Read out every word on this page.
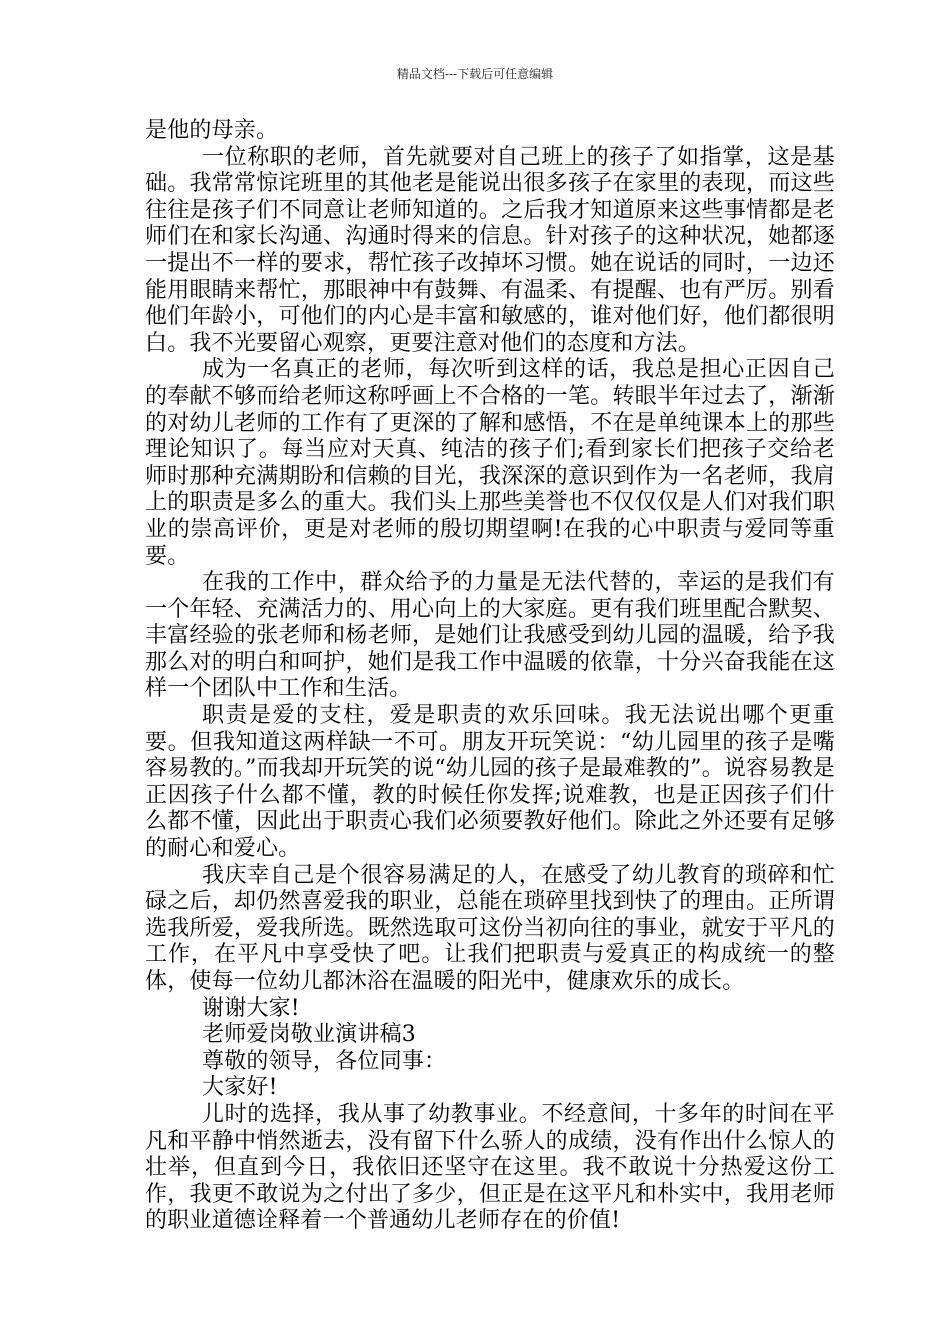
精品文档---下载后可任意编辑

是他的母亲。

一位称职的老师，首先就要对自己班上的孩子了如指掌，这是基础。我常常惊诧班里的其他老是能说出很多孩子在家里的表现，而这些往往是孩子们不同意让老师知道的。之后我才知道原来这些事情都是老师们在和家长沟通、沟通时得来的信息。针对孩子的这种状况，她都逐一提出不一样的要求，帮忙孩子改掉坏习惯。她在说话的同时，一边还能用眼睛来帮忙，那眼神中有鼓舞、有温柔、有提醒、也有严厉。别看他们年龄小，可他们的内心是丰富和敏感的，谁对他们好，他们都很明白。我不光要留心观察，更要注意对他们的态度和方法。

成为一名真正的老师，每次听到这样的话，我总是担心正因自己的奉献不够而给老师这称呼画上不合格的一笔。转眼半年过去了，渐渐的对幼儿老师的工作有了更深的了解和感悟，不在是单纯课本上的那些理论知识了。每当应对天真、纯洁的孩子们;看到家长们把孩子交给老师时那种充满期盼和信赖的目光，我深深的意识到作为一名老师，我肩上的职责是多么的重大。我们头上那些美誉也不仅仅仅是人们对我们职业的崇高评价，更是对老师的殷切期望啊!在我的心中职责与爱同等重要。

在我的工作中，群众给予的力量是无法代替的，幸运的是我们有一个年轻、充满活力的、用心向上的大家庭。更有我们班里配合默契、丰富经验的张老师和杨老师，是她们让我感受到幼儿园的温暖，给予我那么对的明白和呵护，她们是我工作中温暖的依靠，十分兴奋我能在这样一个团队中工作和生活。

职责是爱的支柱，爱是职责的欢乐回味。我无法说出哪个更重要。但我知道这两样缺一不可。朋友开玩笑说：“幼儿园里的孩子是嘴容易教的。”而我却开玩笑的说“幼儿园的孩子是最难教的”。说容易教是正因孩子什么都不懂，教的时候任你发挥;说难教，也是正因孩子们什么都不懂，因此出于职责心我们必须要教好他们。除此之外还要有足够的耐心和爱心。

我庆幸自己是个很容易满足的人，在感受了幼儿教育的琐碎和忙碌之后，却仍然喜爱我的职业，总能在琐碎里找到快了的理由。正所谓选我所爱，爱我所选。既然选取可这份当初向往的事业，就安于平凡的工作，在平凡中享受快了吧。让我们把职责与爱真正的构成统一的整体，使每一位幼儿都沐浴在温暖的阳光中，健康欢乐的成长。

谢谢大家!

老师爱岗敬业演讲稿3

尊敬的领导，各位同事：

大家好!

儿时的选择，我从事了幼教事业。不经意间，十多年的时间在平凡和平静中悄然逝去，没有留下什么骄人的成绩，没有作出什么惊人的壮举，但直到今日，我依旧还坚守在这里。我不敢说十分热爱这份工作，我更不敢说为之付出了多少，但正是在这平凡和朴实中，我用老师的职业道德诠释着一个普通幼儿老师存在的价值!
